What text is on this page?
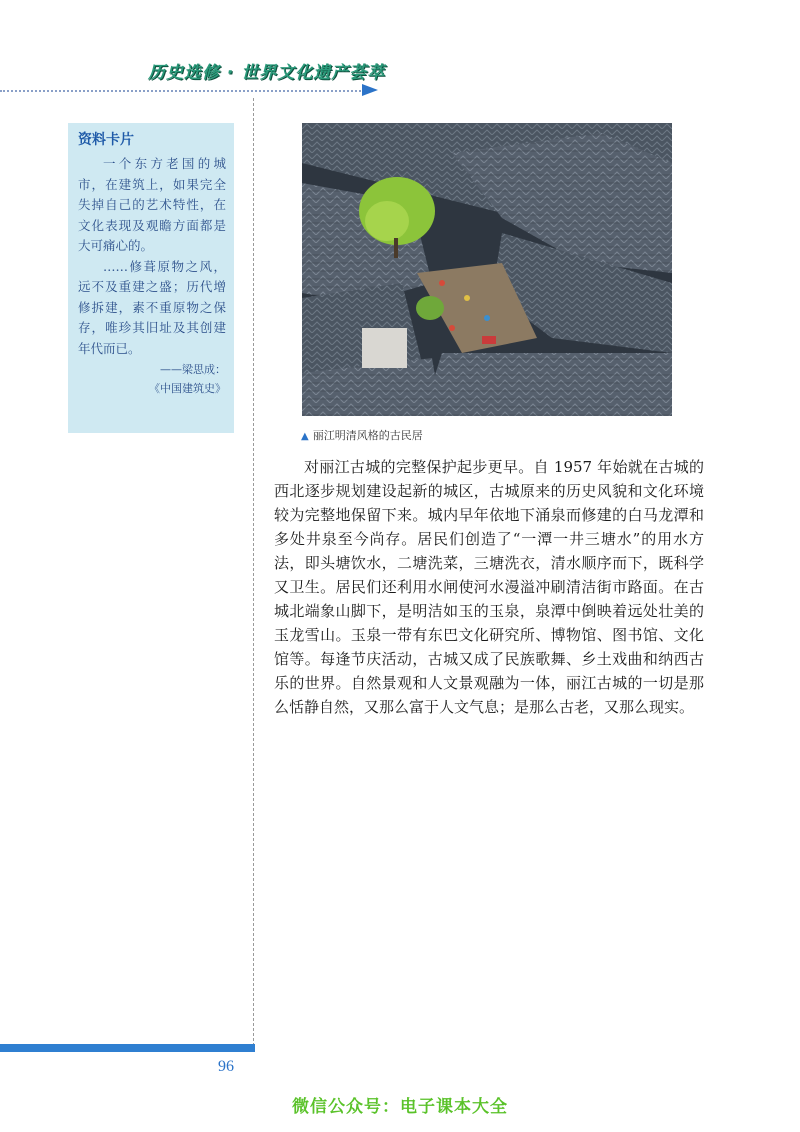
历史选修 · 世界文化遗产荟萃
资料卡片

一个东方老国的城市，在建筑上，如果完全失掉自己的艺术特性，在文化表现及观瞻方面都是大可痛心的。

……修葺原物之风，远不及重建之盛；历代增修拆建，素不重原物之保存，唯珍其旧址及其创建年代而已。

——梁思成：
《中国建筑史》
▲ 丽江明清风格的古民居

对丽江古城的完整保护起步更早。自 1957 年始就在古城的西北逐步规划建设起新的城区，古城原来的历史风貌和文化环境较为完整地保留下来。城内早年依地下涌泉而修建的白马龙潭和多处井泉至今尚存。居民们创造了“一潭一井三塘水”的用水方法，即头塘饮水，二塘洗菜，三塘洗衣，清水顺序而下，既科学又卫生。居民们还利用水闸使河水漫溢冲刷清洁街市路面。在古城北端象山脚下，是明洁如玉的玉泉，泉潭中倒映着远处壮美的玉龙雪山。玉泉一带有东巴文化研究所、博物馆、图书馆、文化馆等。每逢节庆活动，古城又成了民族歌舞、乡土戏曲和纳西古乐的世界。自然景观和人文景观融为一体，丽江古城的一切是那么恬静自然，又那么富于人文气息；是那么古老，又那么现实。

96
微信公众号：电子课本大全
